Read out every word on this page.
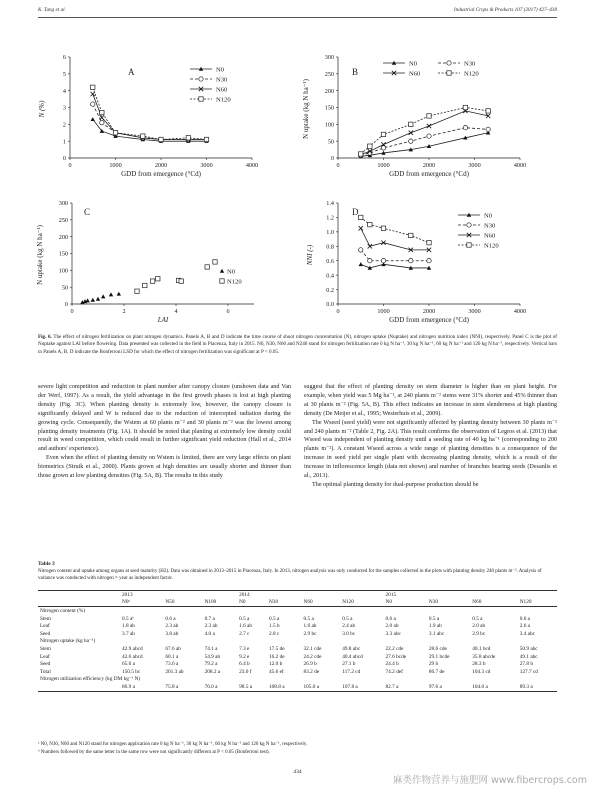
K. Tang et al.	Industrial Crops & Products 107 (2017) 427–438
N (%)
A
0
1
2
3
4
5
6
0	1000	2000	3000	4000
GDD from emergence (°Cd)
N0
N30
N60
N120	N uptake (kg N ha⁻¹)
B
0
50
100
150
200
250
300
0	1000	2000	3000	4000
GDD from emergence (°Cd)
N0	N30
N60	N120
N uptake (kg N ha⁻¹)
C
0
50
100
150
200
250
300
0	2	4	6
LAI
N0
N120
NNI (-)
D
0.0
0.2
0.4
0.6
0.8
1.0
1.2
1.4
0	1000	2000	3000	4000
GDD from emergence (°Cd)
N0
N30
N60
N120
Fig. 6. The effect of nitrogen fertilization on plant nitrogen dynamics. Panels A, B and D indicate the time course of shoot nitrogen concentration (N), nitrogen uptake (Nuptake) and nitrogen nutrition index (NNI), respectively. Panel C is the plot of Nuptake against LAI before flowering. Data presented was collected in the field in Piacenza, Italy in 2015. N0, N30, N60 and N240 stand for nitrogen fertilization rate 0 kg N ha⁻¹, 30 kg N ha⁻¹, 60 kg N ha⁻¹ and 120 kg N ha⁻¹, respectively. Vertical bars in Panels A, B, D indicate the Bonferroni LSD for which the effect of nitrogen fertilization was significant at P < 0.05.

severe light competition and reduction in plant number after canopy closure (unshown data and Van der Werf, 1997). As a result, the yield advantage in the first growth phases is lost at high planting density (Fig. 3C). When planting density is extremely low, however, the canopy closure is significantly delayed and W is reduced due to the reduction of intercepted radiation during the growing cycle. Consequently, the Wstem at 60 plants m⁻² and 30 plants m⁻² was the lowest among planting density treatments (Fig. 1A). It should be noted that planting at extremely low density could result in weed competition, which could result in further significant yield reduction (Hall et al., 2014 and authors' experience).

Even when the effect of planting density on Wstem is limited, there are very large effects on plant biometrics (Struik et al., 2000). Plants grown at high densities are usually shorter and thinner than those grown at low planting densities (Fig. 5A, B). The results in this study

suggest that the effect of planting density on stem diameter is higher than on plant height. For example, when yield was 5 Mg ha⁻¹, at 240 plants m⁻² stems were 31% shorter and 45% thinner than at 30 plants m⁻² (Fig. 5A, B). This effect indicates an increase in stem slenderness at high planting density (De Meijer et al., 1995; Westerhuis et al., 2009).

The Wseed (seed yield) were not significantly affected by planting density between 30 plants m⁻² and 240 plants m⁻² (Table 2, Fig. 2A). This result confirms the observation of Legros et al. (2013) that Wseed was independent of planting density until a seeding rate of 40 kg ha⁻¹ (corresponding to 200 plants m⁻²). A constant Wseed across a wide range of planting densities is a consequence of the increase in seed yield per single plant with decreasing planting density, which is a result of the increase in inflorescence length (data not shown) and number of branches bearing seeds (Desanlis et al., 2013).

The optimal planting density for dual-purpose production should be

Table 3
Nitrogen content and uptake among organs at seed maturity (H2). Data was obtained in 2013–2015 in Piacenza, Italy. In 2013, nitrogen analysis was only conducted for the samples collected in the plots with planting density 240 plants m⁻². Analysis of variance was conducted with nitrogen × year as independent factor.
	2013			2014				2015			
	N0ᵃ	N50	N100	N0	N30	N60	N120	N0	N30	N60	N120
Nitrogen content (%)											
Stem	0.5 aᵇ	0.6 a	0.7 a	0.5 a	0.5 a	0.5 a	0.5 a	0.6 a	0.5 a	0.5 a	0.6 a
Leaf	1.8 ab	2.3 ab	2.3 ab	1.6 ab	1.5 b	1.6 ab	2.4 ab	2.0 ab	1.9 ab	2.0 ab	2.6 a
Seed	3.7 ab	3.8 ab	4.0 a	2.7 c	2.8 c	2.9 bc	3.0 bc	3.3 abc	3.1 abc	2.9 bc	3.4 abc
Nitrogen uptake (kg ha⁻¹)											
Stem	42.9 abcd	67.6 ab	74.1 a	7.3 e	17.5 de	32.1 cde	49.8 abc	22.2 cde	28.6 cde	40.1 bcd	50.9 abc
Leaf	42.6 abcd	60.1 a	54.9 ab	9.2 e	16.2 de	24.2 cde	40.4 abcd	27.6 bcde	29.1 bcde	35.8 abcde	49.1 abc
Seed	65.0 a	73.6 a	79.2 a	6.4 b	12.0 b	26.9 b	27.1 b	24.4 b	29 b	28.3 b	27.8 b
Total	150.5 bc	201.3 ab	208.2 a	23.0 f	45.6 ef	83.2 de	117.2 cd	74.2 def	86.7 de	104.3 cd	127.7 cd
Nitrogen utilization efficiency (kg DM kg⁻¹ N)											
	86.9 a	75.8 a	76.0 a	98.5 a	108.8 a	105.0 a	107.8 a	82.7 a	97.6 a	104.0 a	89.3 a
ᵃ N0, N30, N60 and N120 stand for nitrogen application rate 0 kg N ha⁻¹, 30 kg N ha⁻¹, 60 kg N ha⁻¹ and 120 kg N ha⁻¹, respectively.
ᵇ Numbers followed by the same letter in the same row were not significantly different at P < 0.05 (Bonferroni test).
434
麻类作物营养与施肥网 www.fibercrops.com
